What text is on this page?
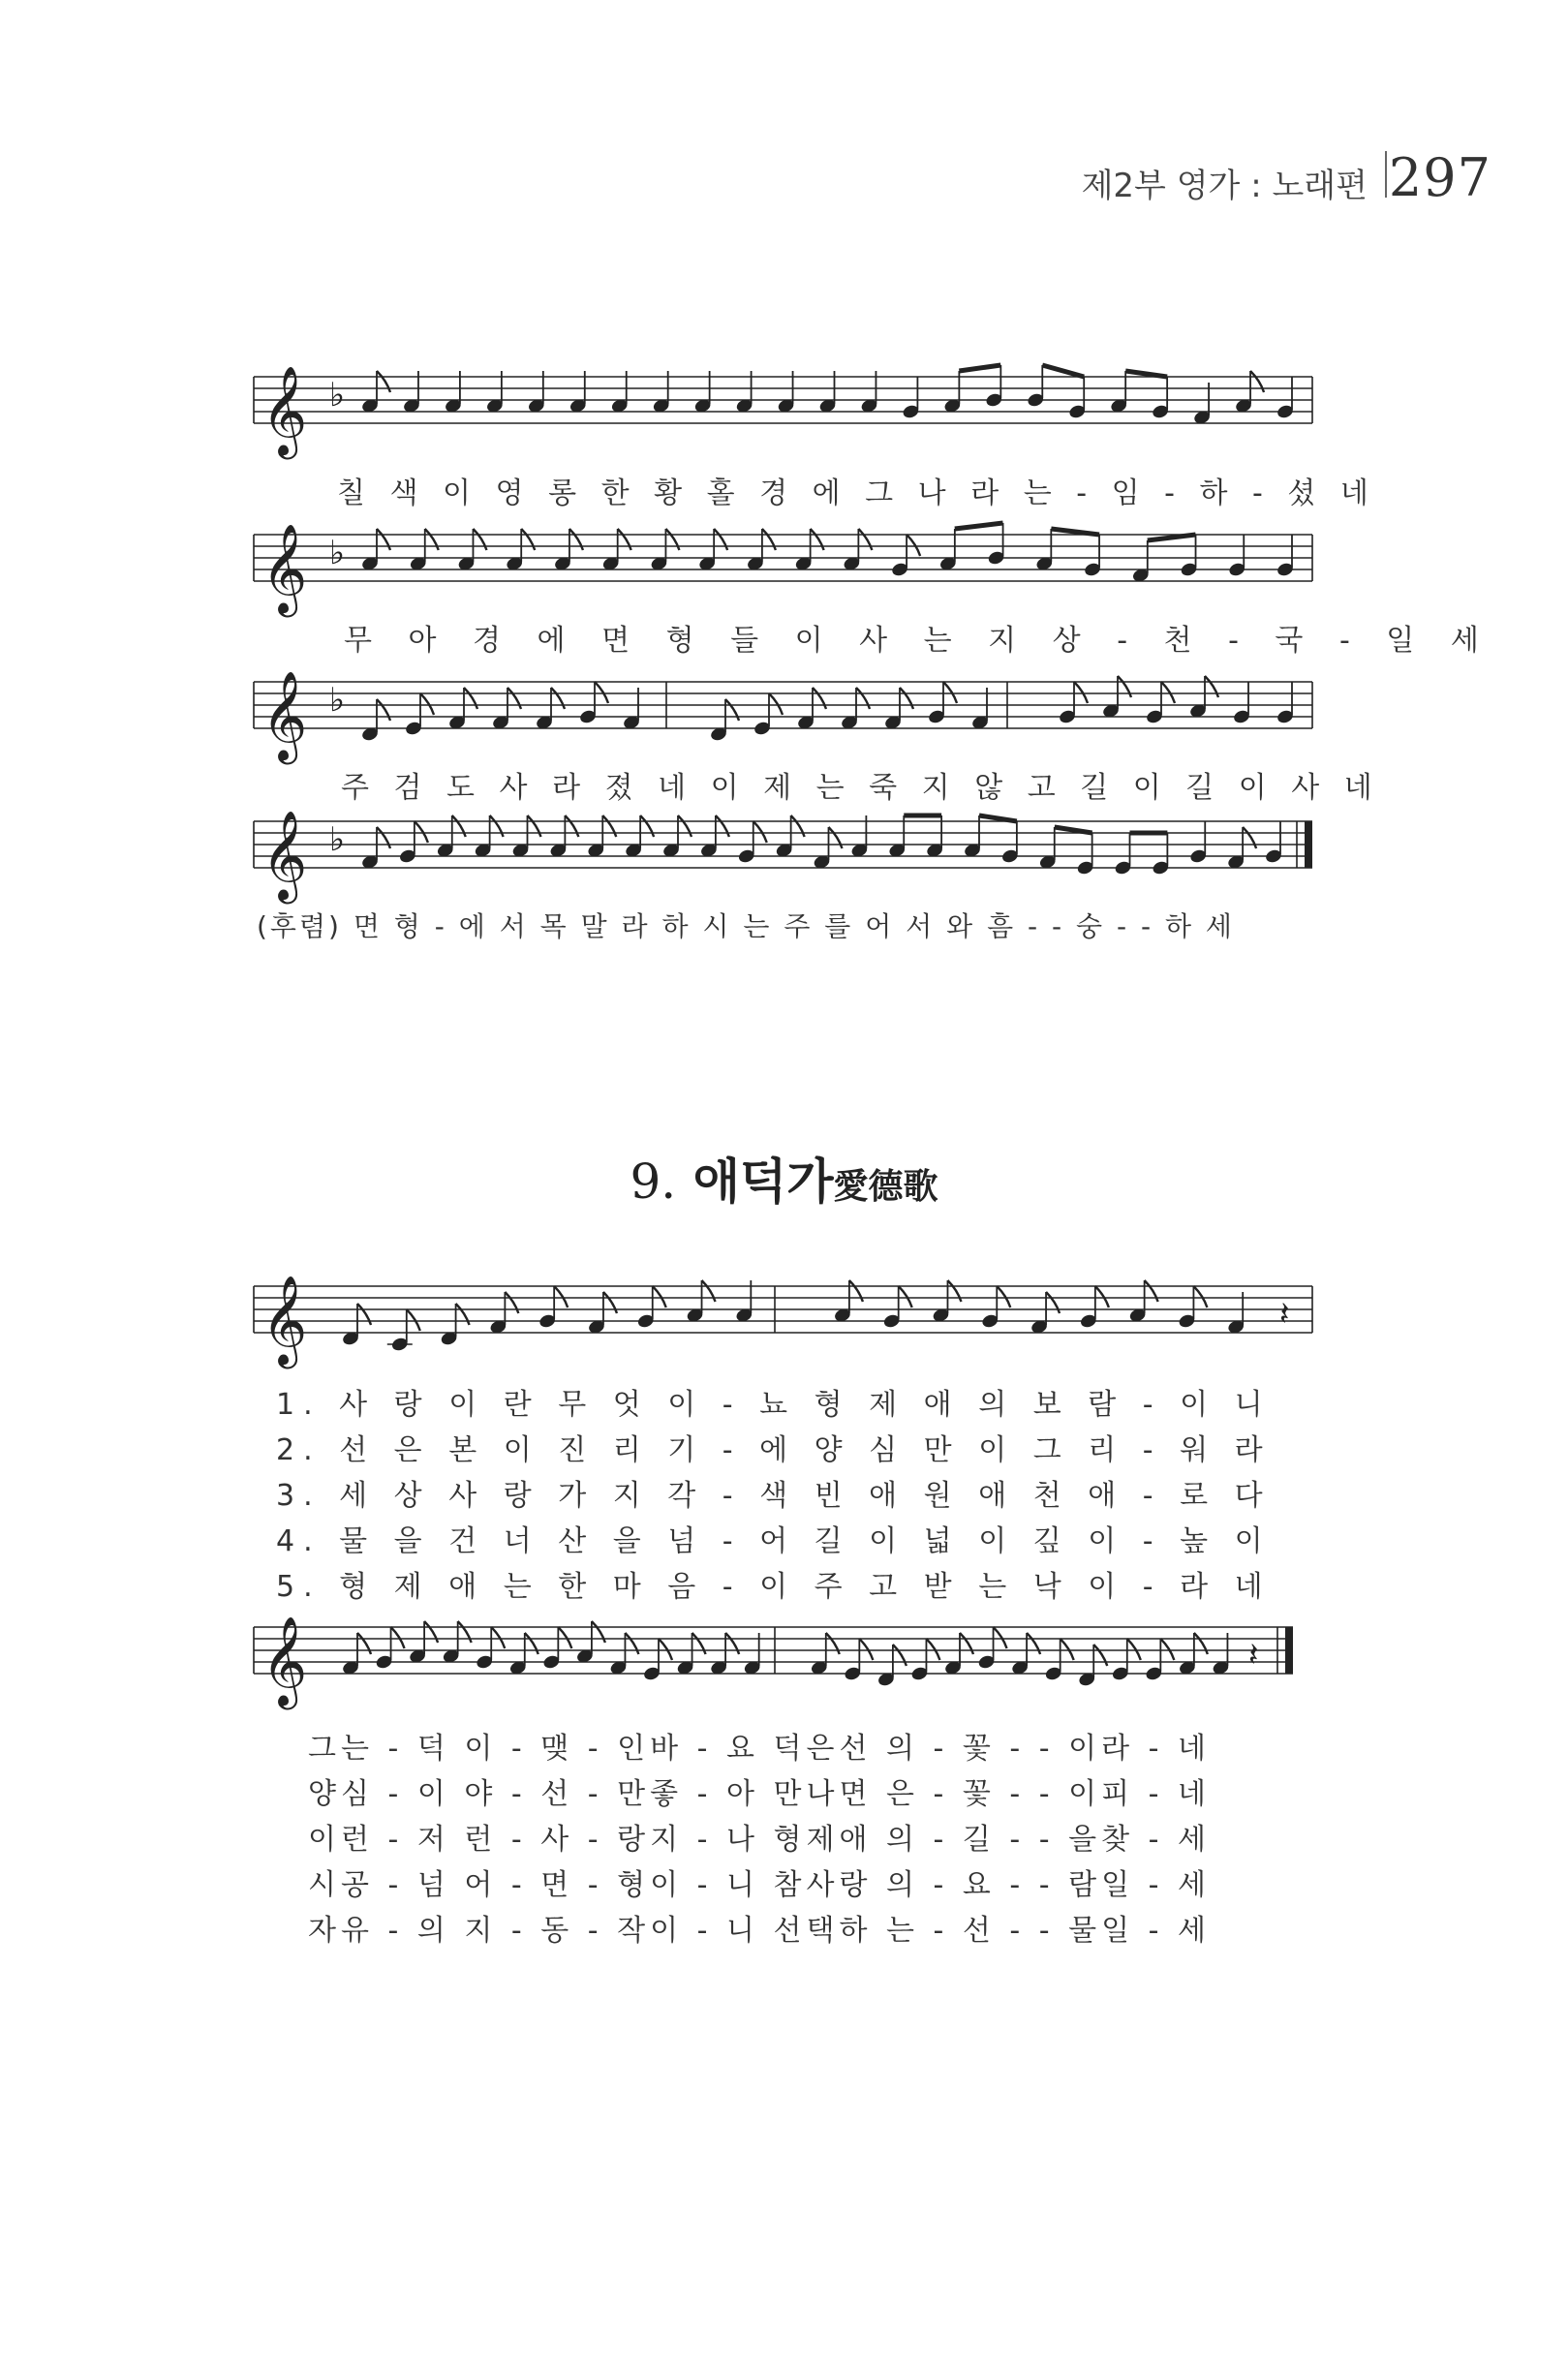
제2부 영가 : 노래편 297
𝄞 ♭
𝄞 ♭
𝄞 ♭
𝄞 ♭
𝄞	𝄽
𝄞	𝄽
칠 색 이 영 롱 한 황 홀 경 에 그 나 라 는 - 임 - 하 - 셨 네
무 아 경 에 면 형 들 이 사 는 지 상 - 천 - 국 - 일 세
주 검 도 사 라 졌 네 이 제 는 죽 지 않 고 길 이 길 이 사 네
(후렴) 면 형 - 에 서 목 말 라 하 시 는 주 를 어 서 와 흠 - - 숭 - - 하 세
9. 애덕가愛德歌
1. 사 랑 이 란 무 엇 이 - 뇨 형 제 애 의 보 람 - 이 니
2. 선 은 본 이 진 리 기 - 에 양 심 만 이 그 리 - 워 라
3. 세 상 사 랑 가 지 각 - 색 빈 애 원 애 천 애 - 로 다
4. 물 을 건 너 산 을 넘 - 어 길 이 넓 이 깊 이 - 높 이
5. 형 제 애 는 한 마 음 - 이 주 고 받 는 낙 이 - 라 네
그는 - 덕 이 - 맺 - 인바 - 요 덕은선 의 - 꽃 - - 이라 - 네
양심 - 이 야 - 선 - 만좋 - 아 만나면 은 - 꽃 - - 이피 - 네
이런 - 저 런 - 사 - 랑지 - 나 형제애 의 - 길 - - 을찾 - 세
시공 - 넘 어 - 면 - 형이 - 니 참사랑 의 - 요 - - 람일 - 세
자유 - 의 지 - 동 - 작이 - 니 선택하 는 - 선 - - 물일 - 세
